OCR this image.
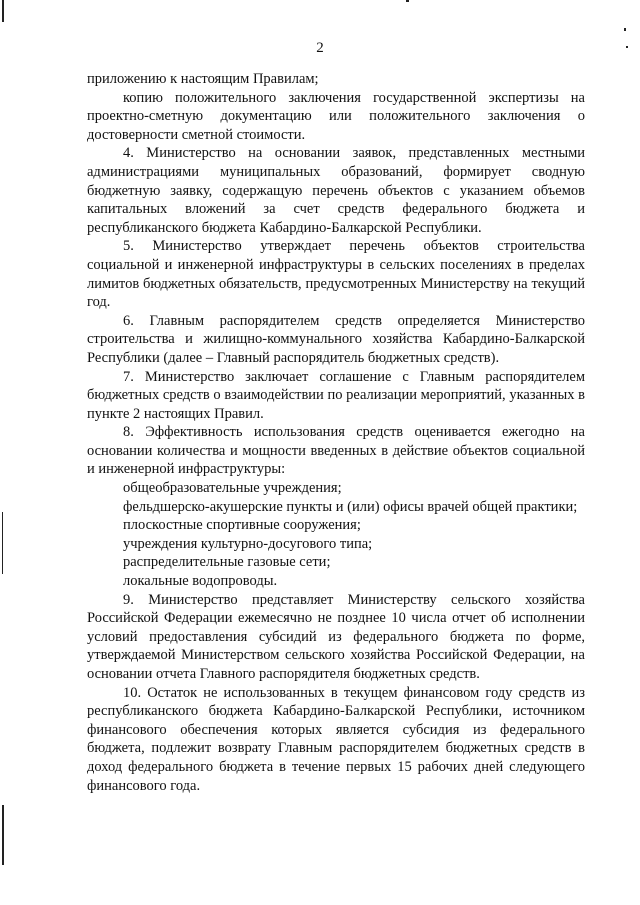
2

приложению к настоящим Правилам;

копию положительного заключения государственной экспертизы на проектно-сметную документацию или положительного заключения о достоверности сметной стоимости.

4. Министерство на основании заявок, представленных местными администрациями муниципальных образований, формирует сводную бюджетную заявку, содержащую перечень объектов с указанием объемов капитальных вложений за счет средств федерального бюджета и республиканского бюджета Кабардино-Балкарской Республики.

5. Министерство утверждает перечень объектов строительства социальной и инженерной инфраструктуры в сельских поселениях в пределах лимитов бюджетных обязательств, предусмотренных Министерству на текущий год.

6. Главным распорядителем средств определяется Министерство строительства и жилищно-коммунального хозяйства Кабардино-Балкарской Республики (далее – Главный распорядитель бюджетных средств).

7. Министерство заключает соглашение с Главным распорядителем бюджетных средств о взаимодействии по реализации мероприятий, указанных в пункте 2 настоящих Правил.

8. Эффективность использования средств оценивается ежегодно на основании количества и мощности введенных в действие объектов социальной и инженерной инфраструктуры:

общеобразовательные учреждения;

фельдшерско-акушерские пункты и (или) офисы врачей общей практики;

плоскостные спортивные сооружения;

учреждения культурно-досугового типа;

распределительные газовые сети;

локальные водопроводы.

9. Министерство представляет Министерству сельского хозяйства Российской Федерации ежемесячно не позднее 10 числа отчет об исполнении условий предоставления субсидий из федерального бюджета по форме, утверждаемой Министерством сельского хозяйства Российской Федерации, на основании отчета Главного распорядителя бюджетных средств.

10. Остаток не использованных в текущем финансовом году средств из республиканского бюджета Кабардино-Балкарской Республики, источником финансового обеспечения которых является субсидия из федерального бюджета, подлежит возврату Главным распорядителем бюджетных средств в доход федерального бюджета в течение первых 15 рабочих дней следующего финансового года.
